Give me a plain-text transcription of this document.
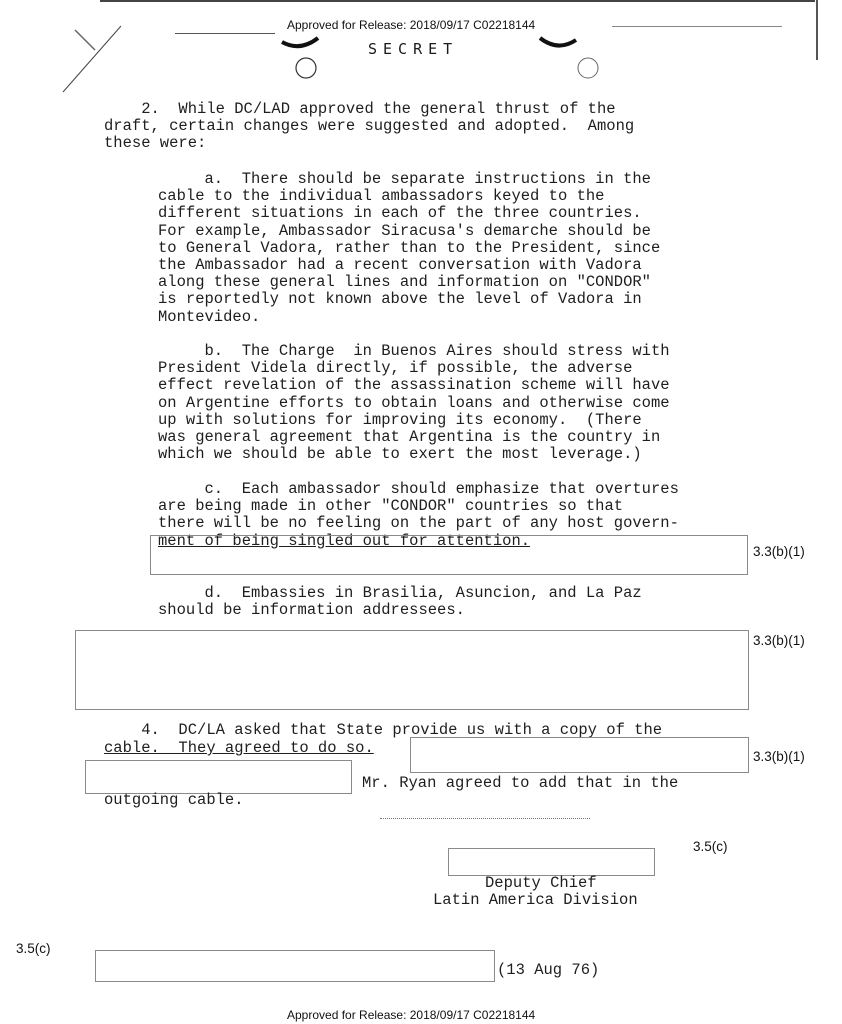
Approved for Release: 2018/09/17 C02218144
SECRET
2.  While DC/LAD approved the general thrust of the
draft, certain changes were suggested and adopted.  Among
these were:
a.  There should be separate instructions in the
cable to the individual ambassadors keyed to the
different situations in each of the three countries.
For example, Ambassador Siracusa's demarche should be
to General Vadora, rather than to the President, since
the Ambassador had a recent conversation with Vadora
along these general lines and information on "CONDOR"
is reportedly not known above the level of Vadora in
Montevideo.
b.  The Charge  in Buenos Aires should stress with
President Videla directly, if possible, the adverse
effect revelation of the assassination scheme will have
on Argentine efforts to obtain loans and otherwise come
up with solutions for improving its economy.  (There
was general agreement that Argentina is the country in
which we should be able to exert the most leverage.)
c.  Each ambassador should emphasize that overtures
are being made in other "CONDOR" countries so that
there will be no feeling on the part of any host govern-
ment of being singled out for attention.
3.3(b)(1)
d.  Embassies in Brasilia, Asuncion, and La Paz
should be information addressees.
3.3(b)(1)
4.  DC/LA asked that State provide us with a copy of the
cable.  They agreed to do so.	3.3(b)(1)
Mr. Ryan agreed to add that in the
outgoing cable.
3.5(c)
Deputy Chief
Latin America Division
3.5(c)
(13 Aug 76)
Approved for Release: 2018/09/17 C02218144
